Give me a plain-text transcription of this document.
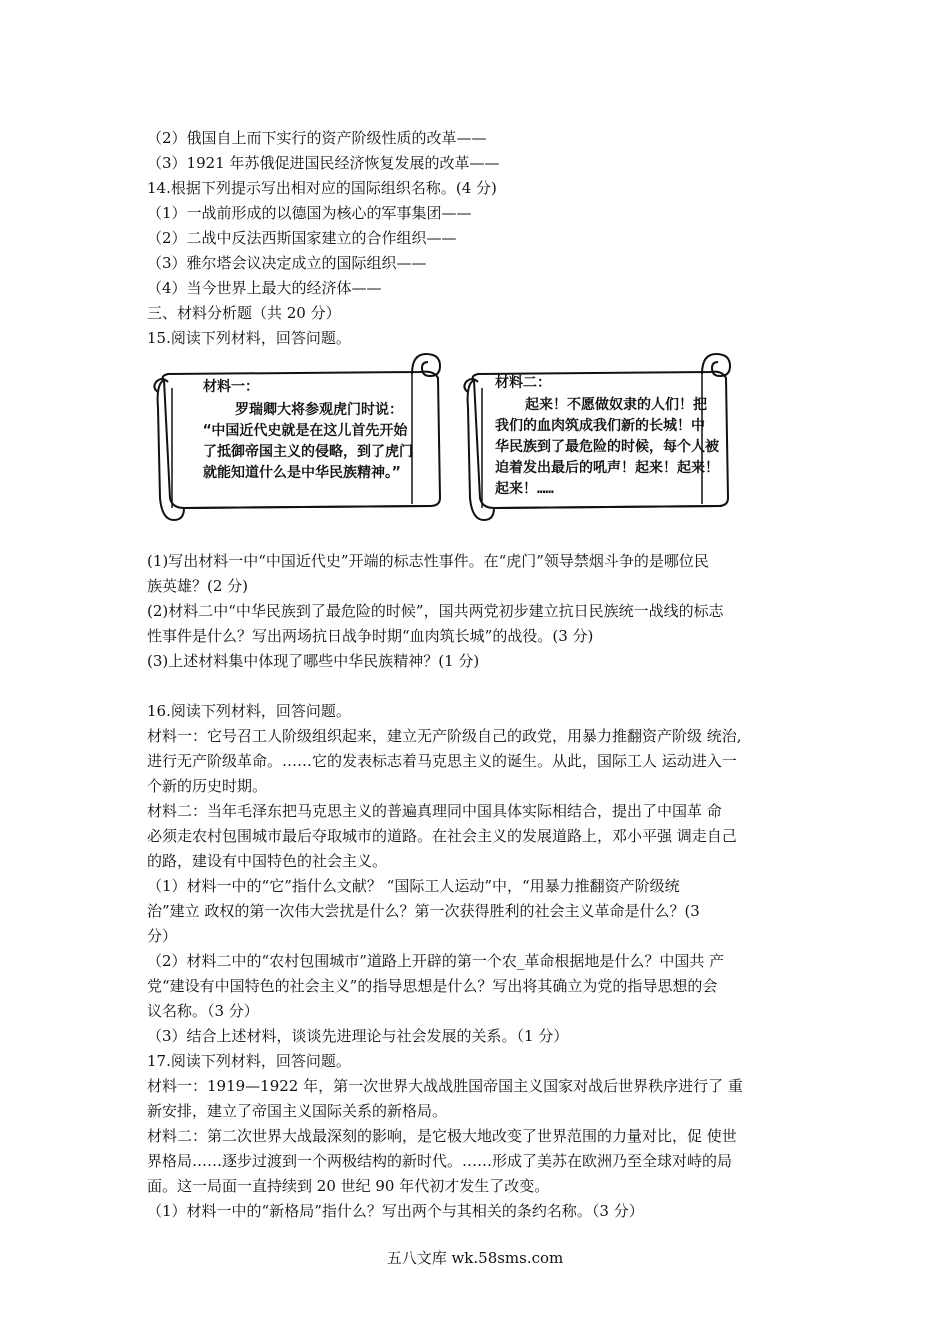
（2）俄国自上而下实行的资产阶级性质的改革——
（3）1921 年苏俄促进国民经济恢复发展的改革——
14.根据下列提示写出相对应的国际组织名称。(4 分)
（1）一战前形成的以德国为核心的军事集团——
（2）二战中反法西斯国家建立的合作组织——
（3）雅尔塔会议决定成立的国际组织——
（4）当今世界上最大的经济体——
三、材料分析题（共 20 分）
15.阅读下列材料，回答问题。
材料一：
罗瑞卿大将参观虎门时说：
“中国近代史就是在这儿首先开始
了抵御帝国主义的侵略，到了虎门
就能知道什么是中华民族精神。”
材料二：
起来！不愿做奴隶的人们！把
我们的血肉筑成我们新的长城！中
华民族到了最危险的时候，每个人被
迫着发出最后的吼声！起来！起来！
起来！……
(1)写出材料一中“中国近代史”开端的标志性事件。在“虎门”领导禁烟斗争的是哪位民
族英雄？(2 分)
(2)材料二中“中华民族到了最危险的时候”，国共两党初步建立抗日民族统一战线的标志
性事件是什么？写出两场抗日战争时期“血肉筑长城”的战役。(3 分)
(3)上述材料集中体现了哪些中华民族精神？(1 分)
16.阅读下列材料，回答问题。
材料一：它号召工人阶级组织起来，建立无产阶级自己的政党，用暴力推翻资产阶级 统治,
进行无产阶级革命。……它的发表标志着马克思主义的诞生。从此，国际工人 运动进入一
个新的历史时期。
材料二：当年毛泽东把马克思主义的普遍真理同中国具体实际相结合，提出了中国革 命
必须走农村包围城市最后夺取城市的道路。在社会主义的发展道路上，邓小平强 调走自己
的路，建设有中国特色的社会主义。
（1）材料一中的“它”指什么文献？ “国际工人运动”中，“用暴力推翻资产阶级统
治”建立 政权的第一次伟大尝扰是什么？第一次获得胜利的社会主义革命是什么？(3
分）
（2）材料二中的“农村包围城市”道路上开辟的第一个农_革命根据地是什么？中国共 产
党“建设有中国特色的社会主义”的指导思想是什么？写出将其确立为党的指导思想的会
议名称。（3 分）
（3）结合上述材料，谈谈先进理论与社会发展的关系。（1 分）
17.阅读下列材料，回答问题。
材料一：1919—1922 年，第一次世界大战战胜国帝国主义国家对战后世界秩序进行了 重
新安排，建立了帝国主义国际关系的新格局。
材料二：第二次世界大战最深刻的影响，是它极大地改变了世界范围的力量对比，促 使世
界格局……逐步过渡到一个两极结构的新时代。……形成了美苏在欧洲乃至全球对峙的局
面。这一局面一直持续到 20 世纪 90 年代初才发生了改变。
（1）材料一中的“新格局”指什么？写出两个与其相关的条约名称。（3 分）
五八文库 wk.58sms.com
